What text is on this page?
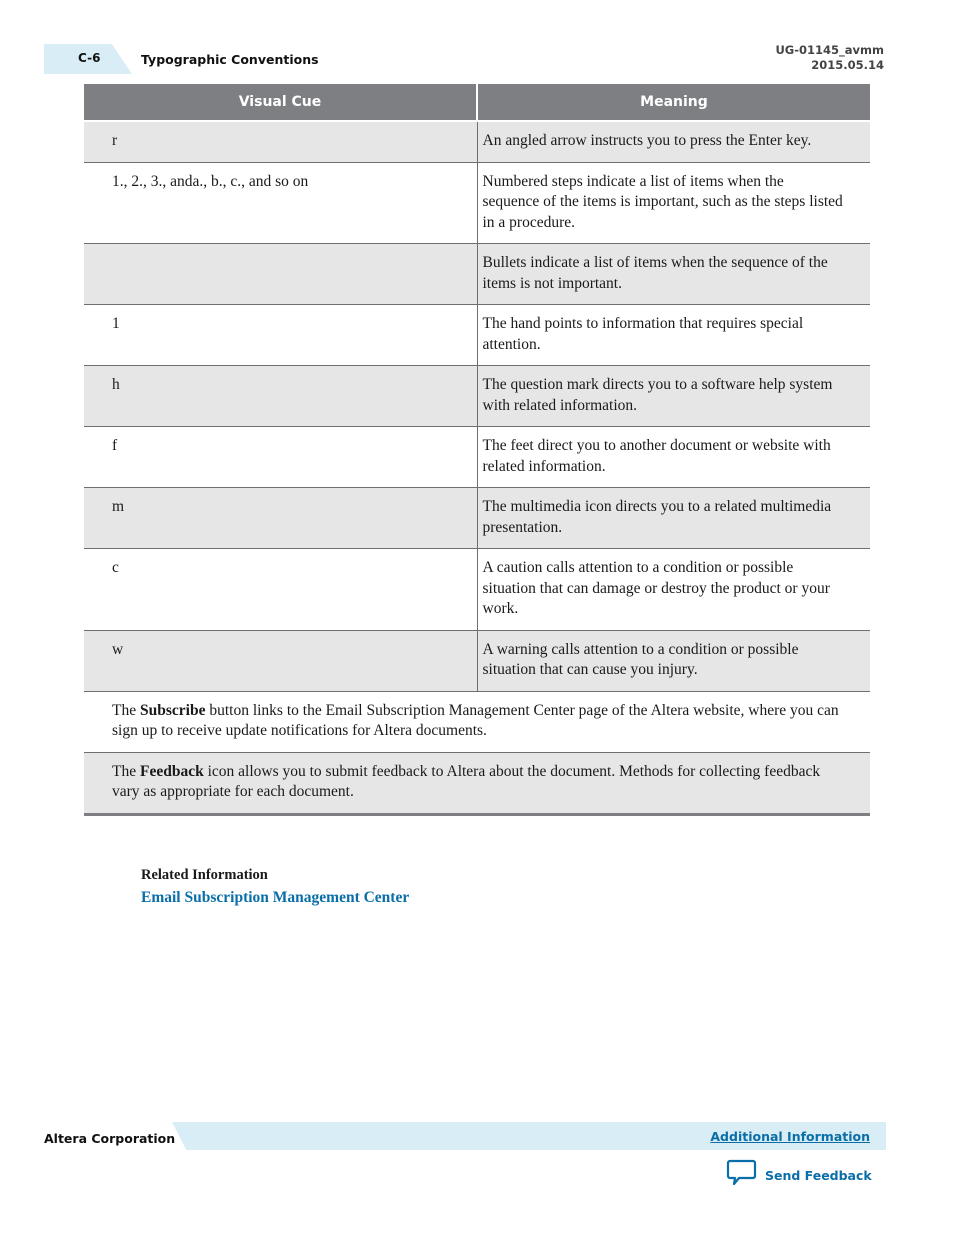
C-6	Typographic Conventions
UG-01145_avmm
2015.05.14
Visual Cue	Meaning
r	An angled arrow instructs you to press the Enter key.
1., 2., 3., anda., b., c., and so on	Numbered steps indicate a list of items when the sequence of the items is important, such as the steps listed in a procedure.
	Bullets indicate a list of items when the sequence of the items is not important.
1	The hand points to information that requires special attention.
h	The question mark directs you to a software help system with related information.
f	The feet direct you to another document or website with related information.
m	The multimedia icon directs you to a related multimedia presentation.
c	A caution calls attention to a condition or possible situation that can damage or destroy the product or your work.
w	A warning calls attention to a condition or possible situation that can cause you injury.
The Subscribe button links to the Email Subscription Management Center page of the Altera website, where you can sign up to receive update notifications for Altera documents.	
The Feedback icon allows you to submit feedback to Altera about the document. Methods for collecting feedback vary as appropriate for each document.	
Related Information
Email Subscription Management Center
Altera Corporation	Additional Information
Send Feedback
